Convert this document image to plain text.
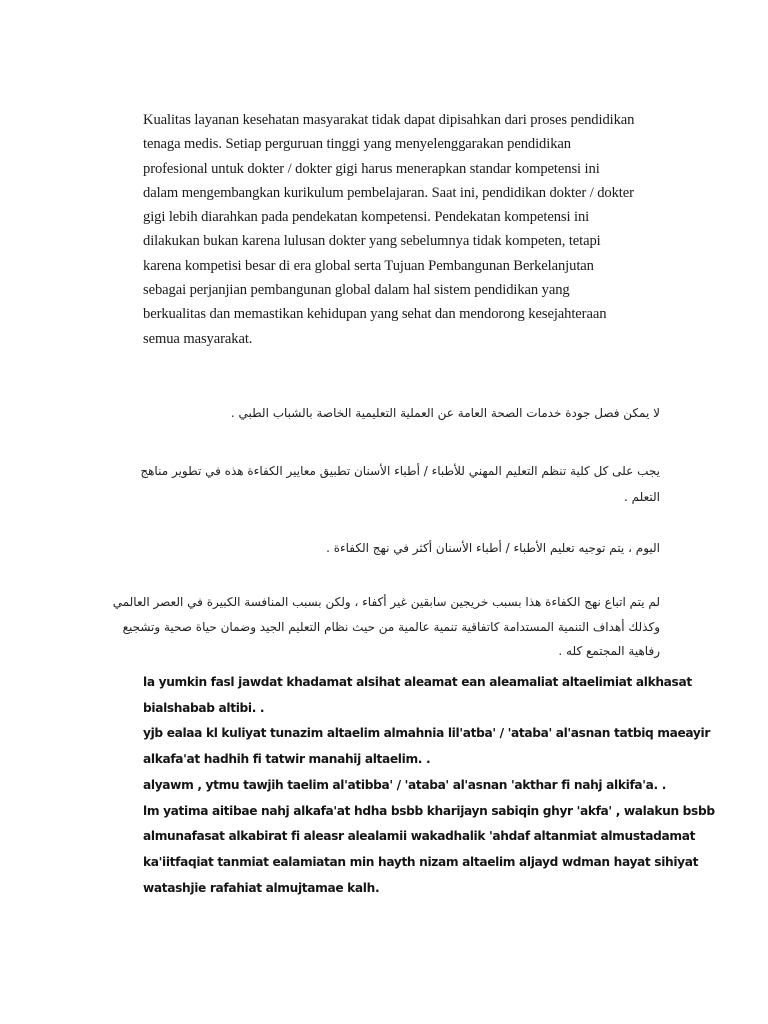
Kualitas layanan kesehatan masyarakat tidak dapat dipisahkan dari proses pendidikan
tenaga medis. Setiap perguruan tinggi yang menyelenggarakan pendidikan
profesional untuk dokter / dokter gigi harus menerapkan standar kompetensi ini
dalam mengembangkan kurikulum pembelajaran. Saat ini, pendidikan dokter / dokter
gigi lebih diarahkan pada pendekatan kompetensi. Pendekatan kompetensi ini
dilakukan bukan karena lulusan dokter yang sebelumnya tidak kompeten, tetapi
karena kompetisi besar di era global serta Tujuan Pembangunan Berkelanjutan
sebagai perjanjian pembangunan global dalam hal sistem pendidikan yang
berkualitas dan memastikan kehidupan yang sehat dan mendorong kesejahteraan
semua masyarakat.

لا يمكن فصل جودة خدمات الصحة العامة عن العملية التعليمية الخاصة بالشباب الطبي .

يجب على كل كلية تنظم التعليم المهني للأطباء / أطباء الأسنان تطبيق معايير الكفاءة هذه في تطوير مناهج
التعلم .

اليوم ، يتم توجيه تعليم الأطباء / أطباء الأسنان أكثر في نهج الكفاءة .

لم يتم اتباع نهج الكفاءة هذا بسبب خريجين سابقين غير أكفاء ، ولكن بسبب المنافسة الكبيرة في العصر العالمي
وكذلك أهداف التنمية المستدامة كاتفاقية تنمية عالمية من حيث نظام التعليم الجيد وضمان حياة صحية وتشجيع
رفاهية المجتمع كله .

la yumkin fasl jawdat khadamat alsihat aleamat ean aleamaliat altaelimiat alkhasat
bialshabab altibi. .
yjb ealaa kl kuliyat tunazim altaelim almahnia lil'atba' / 'ataba' al'asnan tatbiq maeayir
alkafa'at hadhih fi tatwir manahij altaelim. .
alyawm , ytmu tawjih taelim al'atibba' / 'ataba' al'asnan 'akthar fi nahj alkifa'a. .
lm yatima aitibae nahj alkafa'at hdha bsbb kharijayn sabiqin ghyr 'akfa' , walakun bsbb
almunafasat alkabirat fi aleasr alealamii wakadhalik 'ahdaf altanmiat almustadamat
ka'iitfaqiat tanmiat ealamiatan min hayth nizam altaelim aljayd wdman hayat sihiyat
watashjie rafahiat almujtamae kalh.
